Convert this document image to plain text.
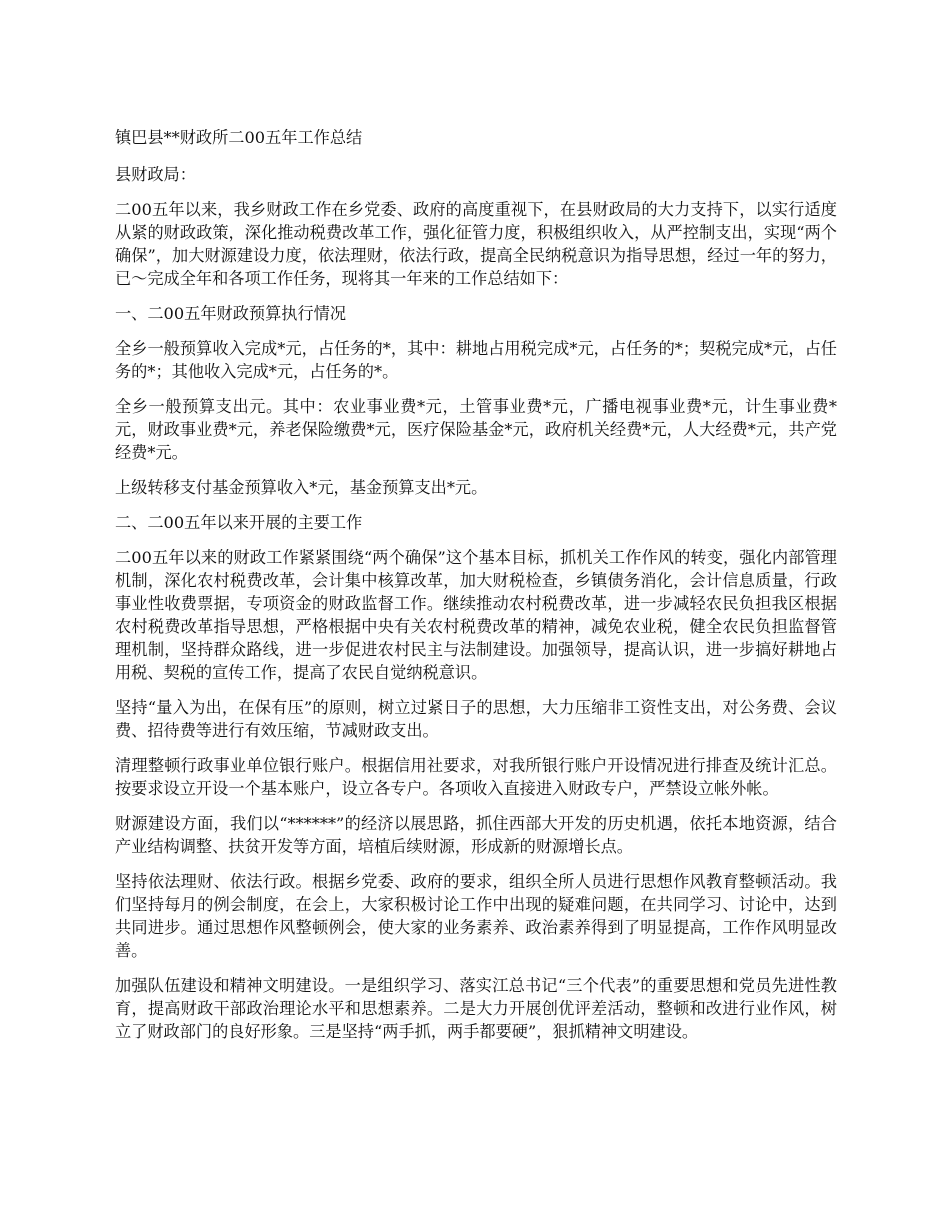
镇巴县**财政所二00五年工作总结

县财政局：

二00五年以来，我乡财政工作在乡党委、政府的高度重视下，在县财政局的大力支持下，以实行适度从紧的财政政策，深化推动税费改革工作，强化征管力度，积极组织收入，从严控制支出，实现“两个确保”，加大财源建设力度，依法理财，依法行政，提高全民纳税意识为指导思想，经过一年的努力，已～完成全年和各项工作任务，现将其一年来的工作总结如下：

一、二00五年财政预算执行情况

全乡一般预算收入完成*元，占任务的*，其中：耕地占用税完成*元，占任务的*；契税完成*元，占任务的*；其他收入完成*元，占任务的*。

全乡一般预算支出元。其中：农业事业费*元，土管事业费*元，广播电视事业费*元，计生事业费*元，财政事业费*元，养老保险缴费*元，医疗保险基金*元，政府机关经费*元，人大经费*元，共产党经费*元。

上级转移支付基金预算收入*元，基金预算支出*元。

二、二00五年以来开展的主要工作

二00五年以来的财政工作紧紧围绕“两个确保”这个基本目标，抓机关工作作风的转变，强化内部管理机制，深化农村税费改革，会计集中核算改革，加大财税检查，乡镇债务消化，会计信息质量，行政事业性收费票据，专项资金的财政监督工作。继续推动农村税费改革，进一步减轻农民负担我区根据农村税费改革指导思想，严格根据中央有关农村税费改革的精神，减免农业税，健全农民负担监督管理机制，坚持群众路线，进一步促进农村民主与法制建设。加强领导，提高认识，进一步搞好耕地占用税、契税的宣传工作，提高了农民自觉纳税意识。

坚持“量入为出，在保有压”的原则，树立过紧日子的思想，大力压缩非工资性支出，对公务费、会议费、招待费等进行有效压缩，节减财政支出。

清理整顿行政事业单位银行账户。根据信用社要求，对我所银行账户开设情况进行排查及统计汇总。按要求设立开设一个基本账户，设立各专户。各项收入直接进入财政专户，严禁设立帐外帐。

财源建设方面，我们以“******”的经济以展思路，抓住西部大开发的历史机遇，依托本地资源，结合产业结构调整、扶贫开发等方面，培植后续财源，形成新的财源增长点。

坚持依法理财、依法行政。根据乡党委、政府的要求，组织全所人员进行思想作风教育整顿活动。我们坚持每月的例会制度，在会上，大家积极讨论工作中出现的疑难问题，在共同学习、讨论中，达到共同进步。通过思想作风整顿例会，使大家的业务素养、政治素养得到了明显提高，工作作风明显改善。

加强队伍建设和精神文明建设。一是组织学习、落实江总书记“三个代表”的重要思想和党员先进性教育，提高财政干部政治理论水平和思想素养。二是大力开展创优评差活动，整顿和改进行业作风，树立了财政部门的良好形象。三是坚持“两手抓，两手都要硬”，狠抓精神文明建设。
